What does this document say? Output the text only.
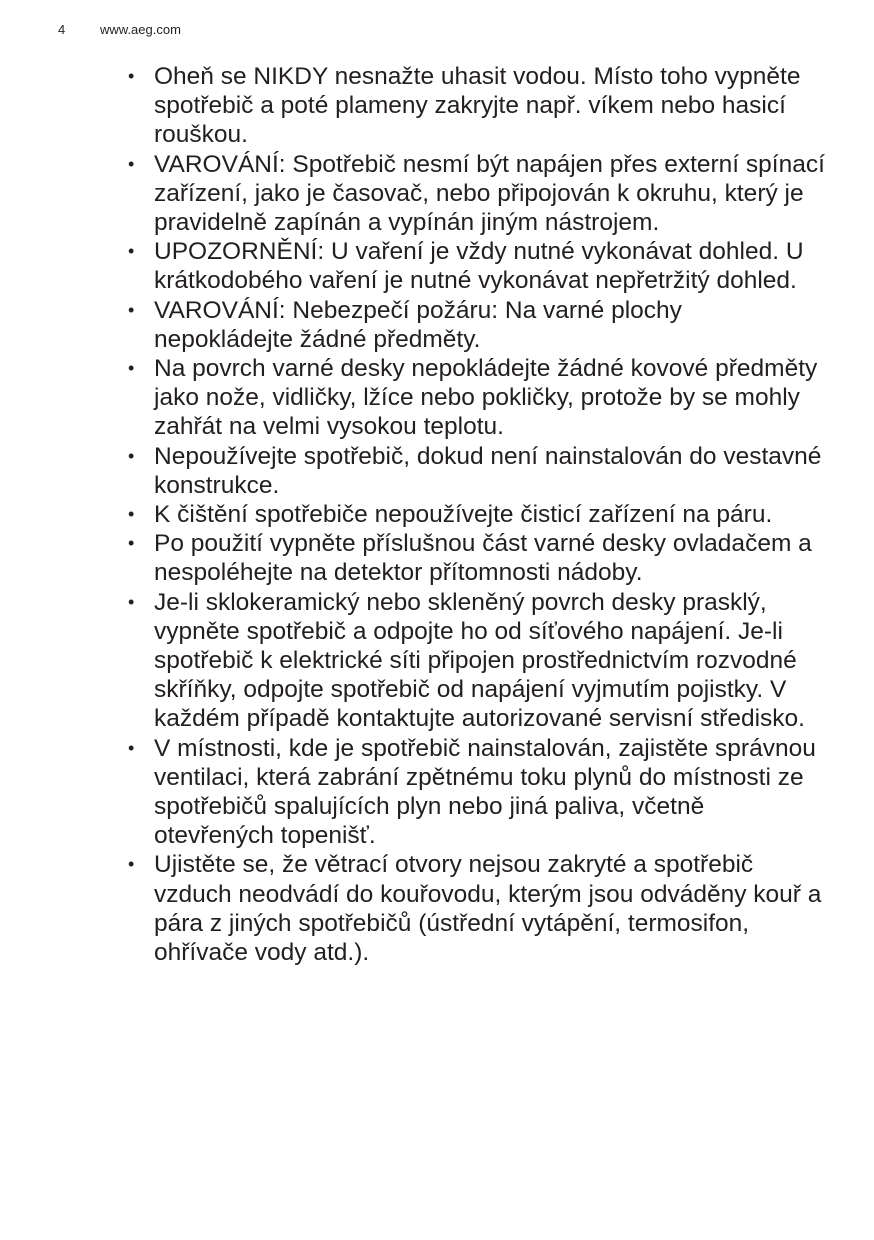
4	www.aeg.com
• Oheň se NIKDY nesnažte uhasit vodou. Místo toho vypněte spotřebič a poté plameny zakryjte např. víkem nebo hasicí rouškou.
• VAROVÁNÍ: Spotřebič nesmí být napájen přes externí spínací zařízení, jako je časovač, nebo připojován k okruhu, který je pravidelně zapínán a vypínán jiným nástrojem.
• UPOZORNĚNÍ: U vaření je vždy nutné vykonávat dohled. U krátkodobého vaření je nutné vykonávat nepřetržitý dohled.
• VAROVÁNÍ: Nebezpečí požáru: Na varné plochy nepokládejte žádné předměty.
• Na povrch varné desky nepokládejte žádné kovové předměty jako nože, vidličky, lžíce nebo pokličky, protože by se mohly zahřát na velmi vysokou teplotu.
• Nepoužívejte spotřebič, dokud není nainstalován do vestavné konstrukce.
• K čištění spotřebiče nepoužívejte čisticí zařízení na páru.
• Po použití vypněte příslušnou část varné desky ovladačem a nespoléhejte na detektor přítomnosti nádoby.
• Je-li sklokeramický nebo skleněný povrch desky prasklý, vypněte spotřebič a odpojte ho od síťového napájení. Je-li spotřebič k elektrické síti připojen prostřednictvím rozvodné skříňky, odpojte spotřebič od napájení vyjmutím pojistky. V každém případě kontaktujte autorizované servisní středisko.
• V místnosti, kde je spotřebič nainstalován, zajistěte správnou ventilaci, která zabrání zpětnému toku plynů do místnosti ze spotřebičů spalujících plyn nebo jiná paliva, včetně otevřených topenišť.
• Ujistěte se, že větrací otvory nejsou zakryté a spotřebič vzduch neodvádí do kouřovodu, kterým jsou odváděny kouř a pára z jiných spotřebičů (ústřední vytápění, termosifon, ohřívače vody atd.).
